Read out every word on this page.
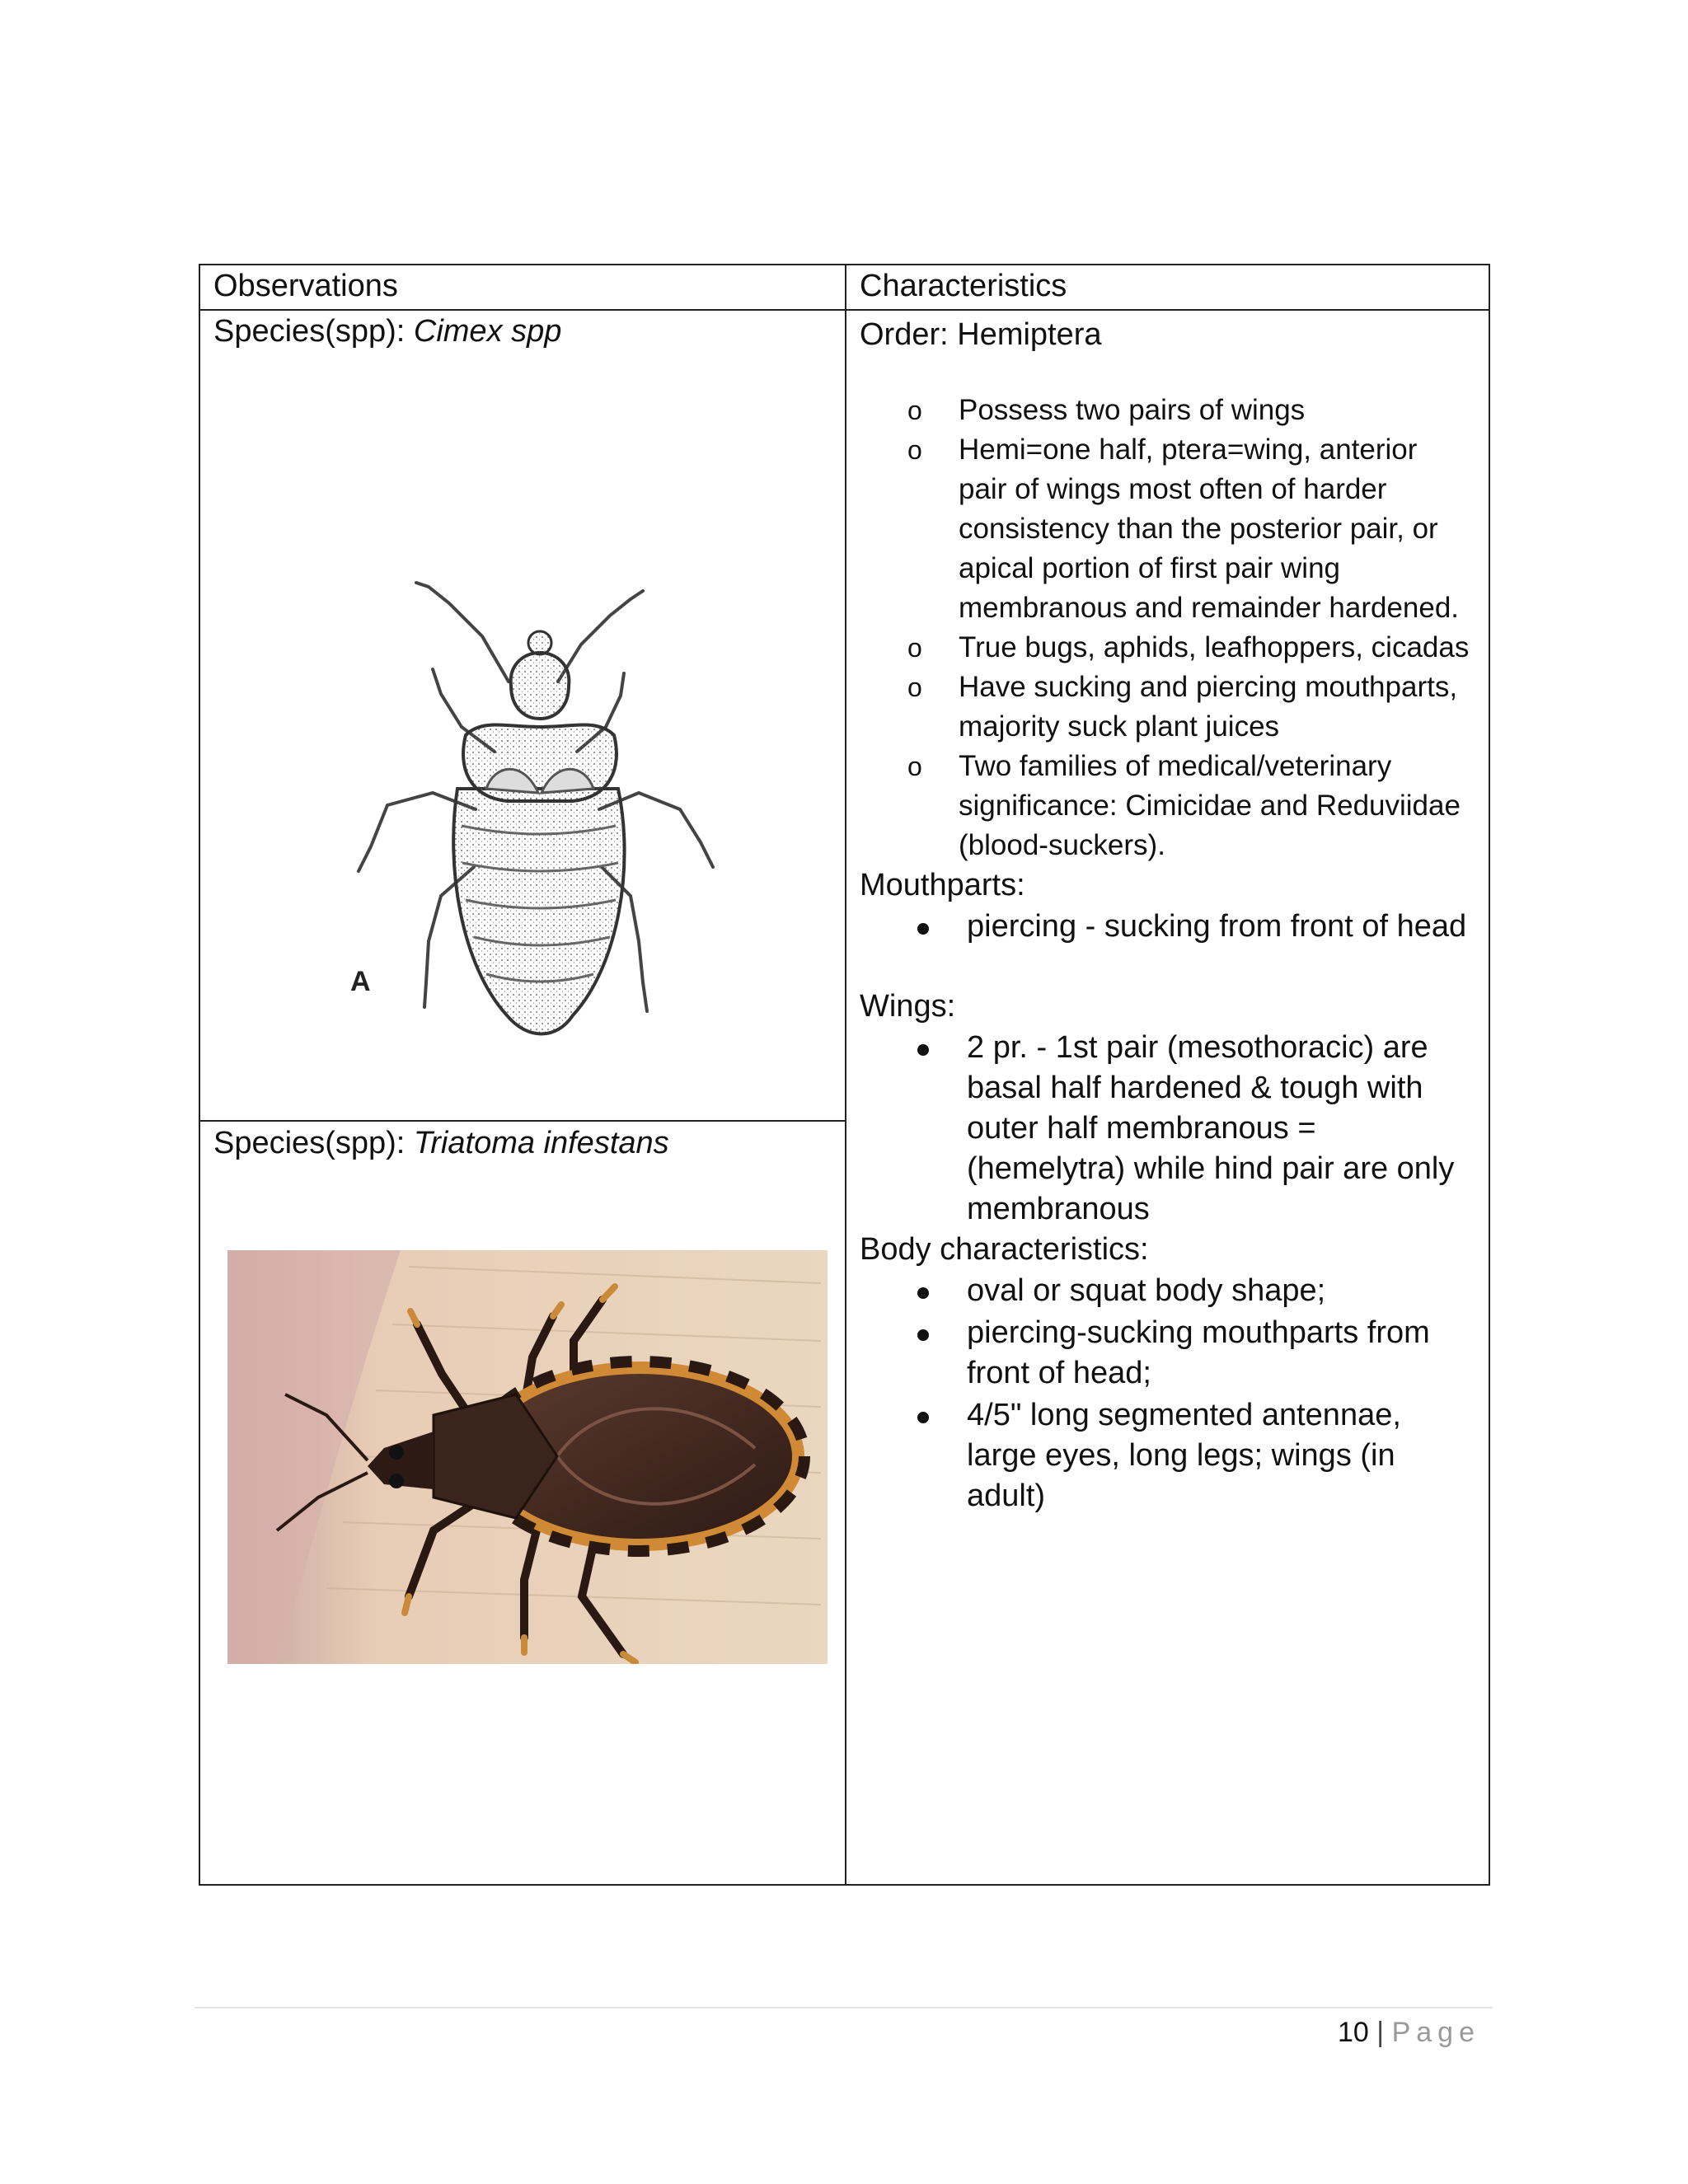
Observations	Characteristics
Species(spp): Cimex spp
A
Species(spp): Triatoma infestans

Order: Hemiptera

o Possess two pairs of wings
o Hemi=one half, ptera=wing, anterior pair of wings most often of harder consistency than the posterior pair, or apical portion of first pair wing membranous and remainder hardened.
o True bugs, aphids, leafhoppers, cicadas
o Have sucking and piercing mouthparts, majority suck plant juices
o Two families of medical/veterinary significance: Cimicidae and Reduviidae (blood-suckers).

Mouthparts:

piercing - sucking from front of head

Wings:

2 pr. - 1st pair (mesothoracic) are basal half hardened & tough with outer half membranous = (hemelytra) while hind pair are only membranous

Body characteristics:

oval or squat body shape;
piercing-sucking mouthparts from front of head;
4/5" long segmented antennae, large eyes, long legs; wings (in adult)
10 | Page
